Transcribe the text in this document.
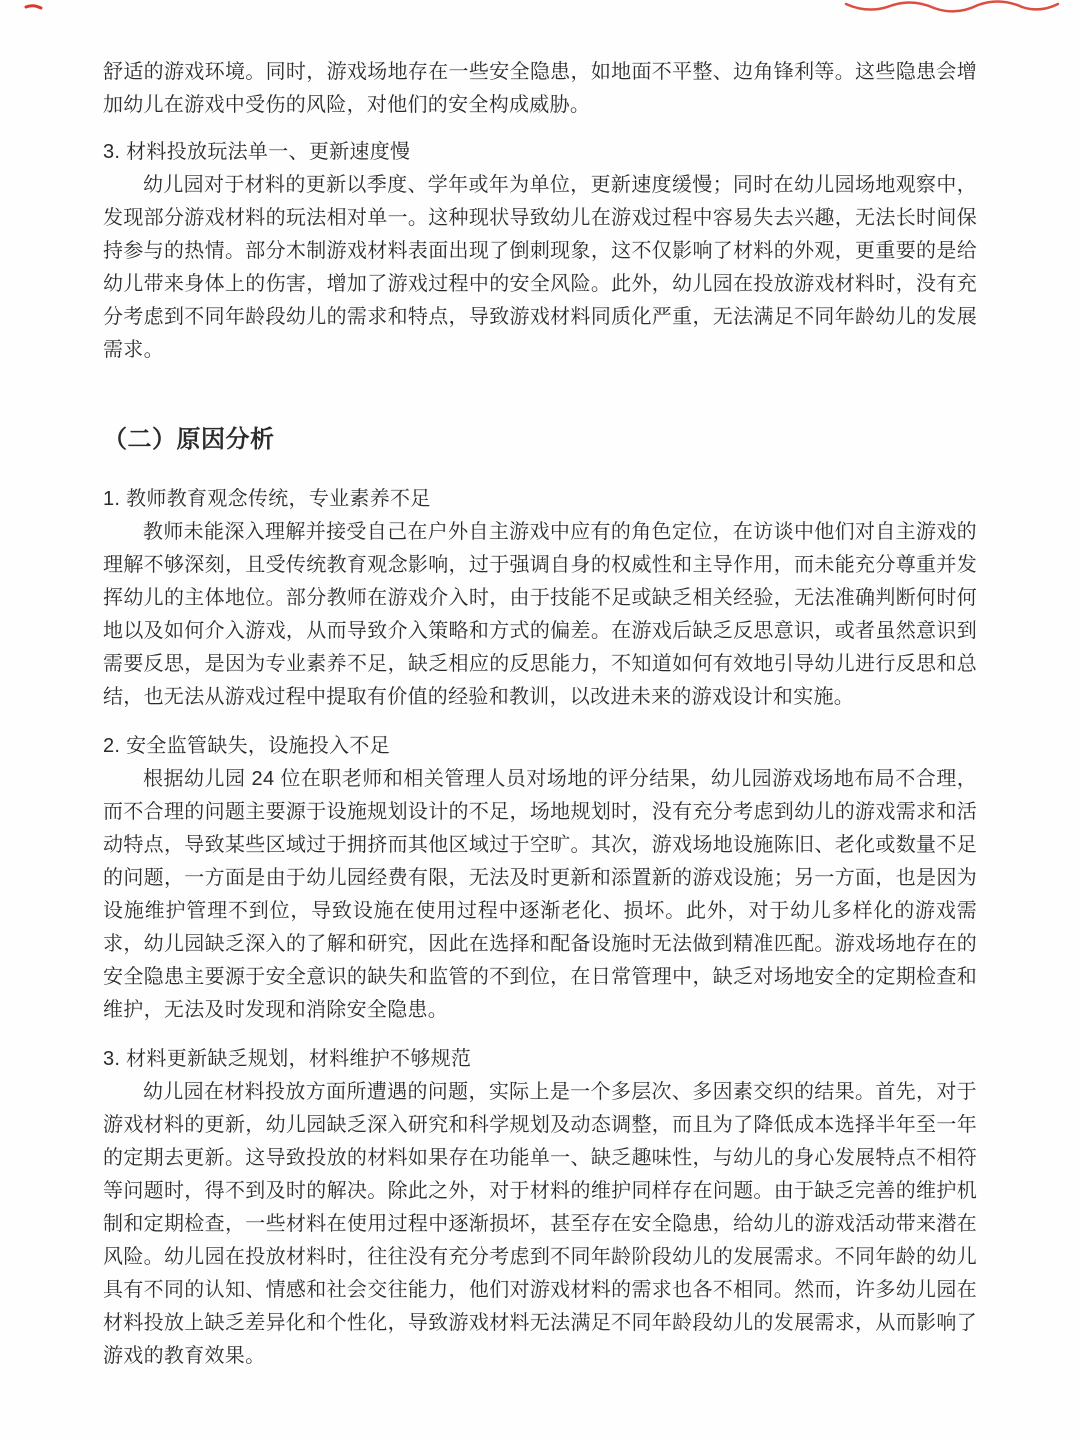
舒适的游戏环境。同时，游戏场地存在一些安全隐患，如地面不平整、边角锋利等。这些隐患会增加幼儿在游戏中受伤的风险，对他们的安全构成威胁。

3. 材料投放玩法单一、更新速度慢

幼儿园对于材料的更新以季度、学年或年为单位，更新速度缓慢；同时在幼儿园场地观察中，发现部分游戏材料的玩法相对单一。这种现状导致幼儿在游戏过程中容易失去兴趣，无法长时间保持参与的热情。部分木制游戏材料表面出现了倒刺现象，这不仅影响了材料的外观，更重要的是给幼儿带来身体上的伤害，增加了游戏过程中的安全风险。此外，幼儿园在投放游戏材料时，没有充分考虑到不同年龄段幼儿的需求和特点，导致游戏材料同质化严重，无法满足不同年龄幼儿的发展需求。

（二）原因分析
1. 教师教育观念传统，专业素养不足

教师未能深入理解并接受自己在户外自主游戏中应有的角色定位，在访谈中他们对自主游戏的理解不够深刻，且受传统教育观念影响，过于强调自身的权威性和主导作用，而未能充分尊重并发挥幼儿的主体地位。部分教师在游戏介入时，由于技能不足或缺乏相关经验，无法准确判断何时何地以及如何介入游戏，从而导致介入策略和方式的偏差。在游戏后缺乏反思意识，或者虽然意识到需要反思，是因为专业素养不足，缺乏相应的反思能力，不知道如何有效地引导幼儿进行反思和总结，也无法从游戏过程中提取有价值的经验和教训，以改进未来的游戏设计和实施。

2. 安全监管缺失，设施投入不足

根据幼儿园 24 位在职老师和相关管理人员对场地的评分结果，幼儿园游戏场地布局不合理，而不合理的问题主要源于设施规划设计的不足，场地规划时，没有充分考虑到幼儿的游戏需求和活动特点，导致某些区域过于拥挤而其他区域过于空旷。其次，游戏场地设施陈旧、老化或数量不足的问题，一方面是由于幼儿园经费有限，无法及时更新和添置新的游戏设施；另一方面，也是因为设施维护管理不到位，导致设施在使用过程中逐渐老化、损坏。此外，对于幼儿多样化的游戏需求，幼儿园缺乏深入的了解和研究，因此在选择和配备设施时无法做到精准匹配。游戏场地存在的安全隐患主要源于安全意识的缺失和监管的不到位，在日常管理中，缺乏对场地安全的定期检查和维护，无法及时发现和消除安全隐患。

3. 材料更新缺乏规划，材料维护不够规范

幼儿园在材料投放方面所遭遇的问题，实际上是一个多层次、多因素交织的结果。首先，对于游戏材料的更新，幼儿园缺乏深入研究和科学规划及动态调整，而且为了降低成本选择半年至一年的定期去更新。这导致投放的材料如果存在功能单一、缺乏趣味性，与幼儿的身心发展特点不相符等问题时，得不到及时的解决。除此之外，对于材料的维护同样存在问题。由于缺乏完善的维护机制和定期检查，一些材料在使用过程中逐渐损坏，甚至存在安全隐患，给幼儿的游戏活动带来潜在风险。幼儿园在投放材料时，往往没有充分考虑到不同年龄阶段幼儿的发展需求。不同年龄的幼儿具有不同的认知、情感和社会交往能力，他们对游戏材料的需求也各不相同。然而，许多幼儿园在材料投放上缺乏差异化和个性化，导致游戏材料无法满足不同年龄段幼儿的发展需求，从而影响了游戏的教育效果。
